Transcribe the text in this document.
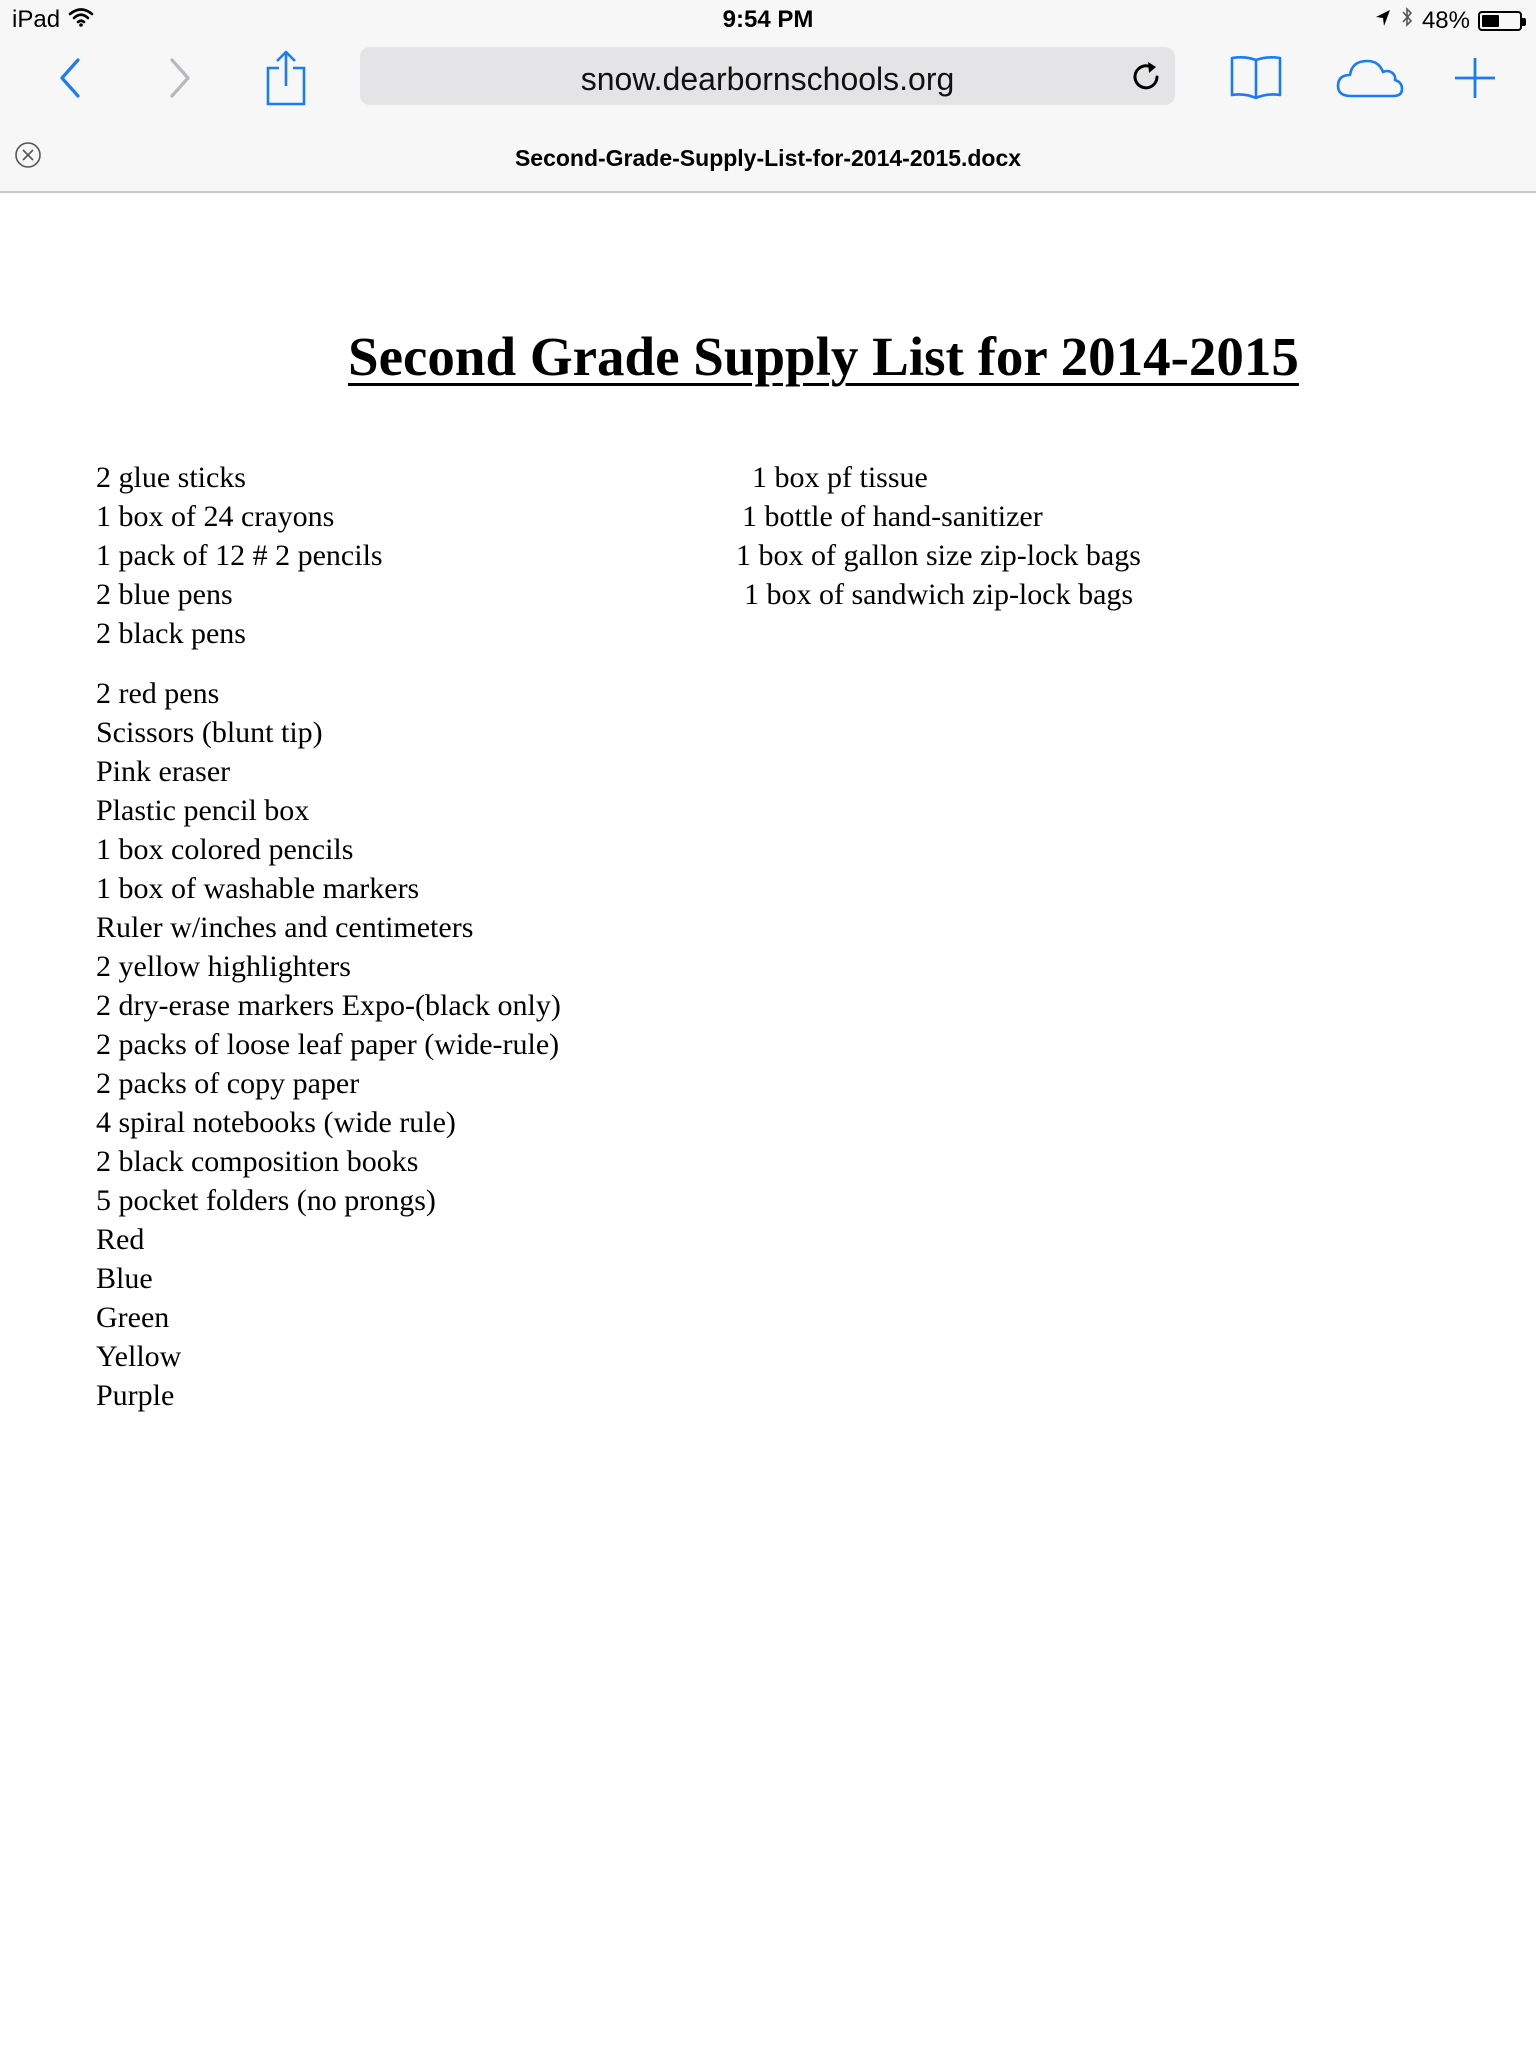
iPad	9:54 PM	48%
snow.dearbornschools.org
Second-Grade-Supply-List-for-2014-2015.docx
Second Grade Supply List for 2014-2015
2 glue sticks
1 box of 24 crayons
1 pack of 12 # 2 pencils
2 blue pens
2 black pens
2 red pens
Scissors (blunt tip)
Pink eraser
Plastic pencil box
1 box colored pencils
1 box of washable markers
Ruler w/inches and centimeters
2 yellow highlighters
2 dry-erase markers Expo-(black only)
2 packs of loose leaf paper (wide-rule)
2 packs of copy paper
4 spiral notebooks (wide rule)
2 black composition books
5 pocket folders (no prongs)
Red
Blue
Green
Yellow
Purple
1 box pf tissue
1 bottle of hand-sanitizer
1 box of gallon size zip-lock bags
1 box of sandwich zip-lock bags
